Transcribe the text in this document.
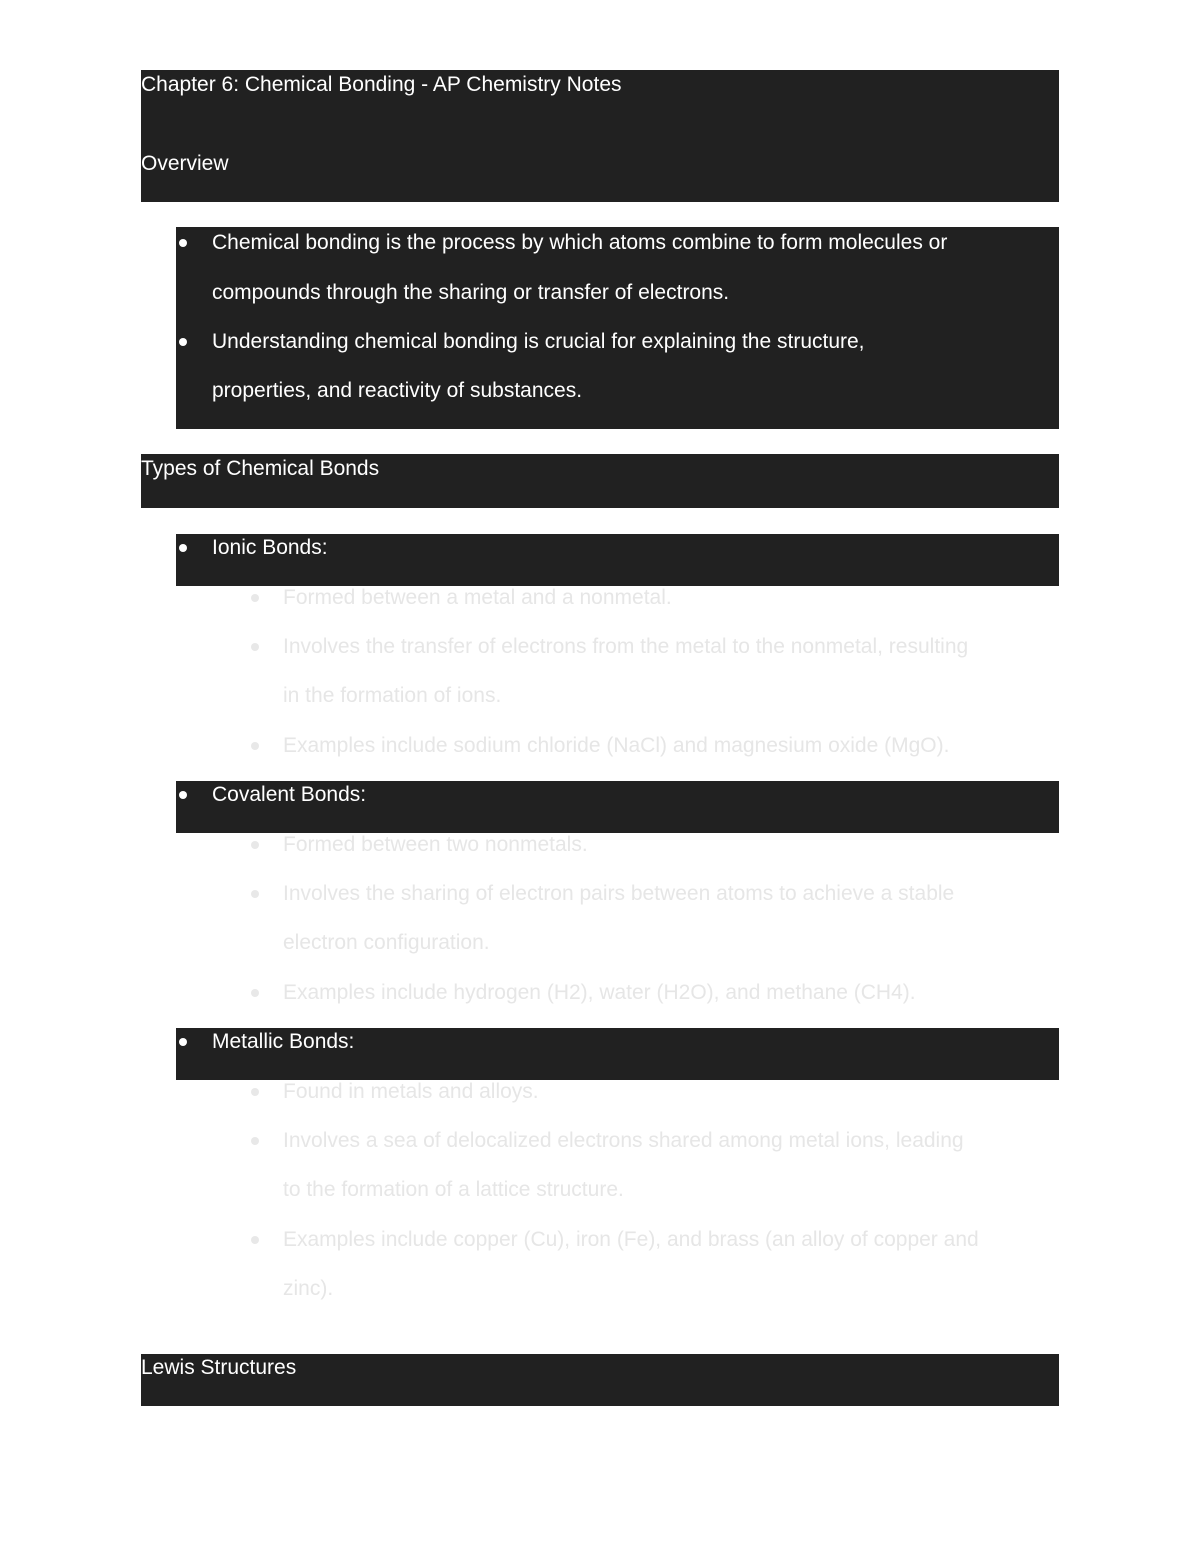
Chapter 6: Chemical Bonding - AP Chemistry Notes
Overview
Chemical bonding is the process by which atoms combine to form molecules or
compounds through the sharing or transfer of electrons.
Understanding chemical bonding is crucial for explaining the structure,
properties, and reactivity of substances.
Types of Chemical Bonds
Ionic Bonds:
Formed between a metal and a nonmetal.
Involves the transfer of electrons from the metal to the nonmetal, resulting
in the formation of ions.
Examples include sodium chloride (NaCl) and magnesium oxide (MgO).
Covalent Bonds:
Formed between two nonmetals.
Involves the sharing of electron pairs between atoms to achieve a stable
electron configuration.
Examples include hydrogen (H2), water (H2O), and methane (CH4).
Metallic Bonds:
Found in metals and alloys.
Involves a sea of delocalized electrons shared among metal ions, leading
to the formation of a lattice structure.
Examples include copper (Cu), iron (Fe), and brass (an alloy of copper and
zinc).
Lewis Structures
